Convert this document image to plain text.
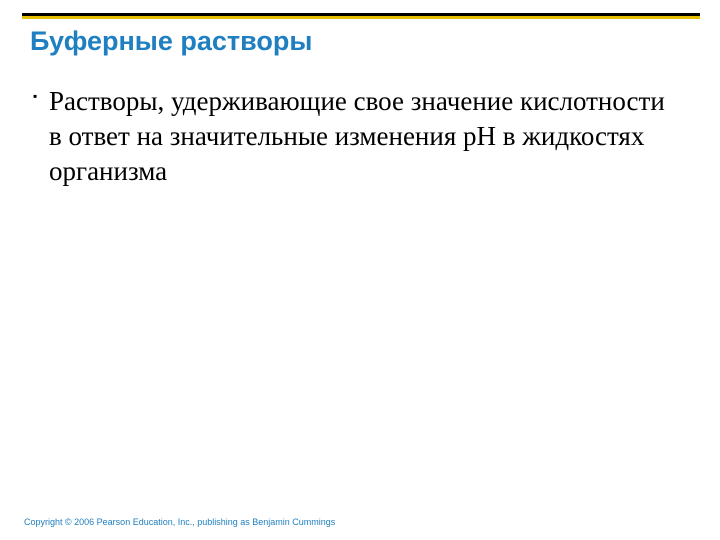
Буферные растворы
▪ Растворы, удерживающие свое значение кислотности в ответ на значительные изменения pH в жидкостях организма
Copyright © 2006 Pearson Education, Inc., publishing as Benjamin Cummings
